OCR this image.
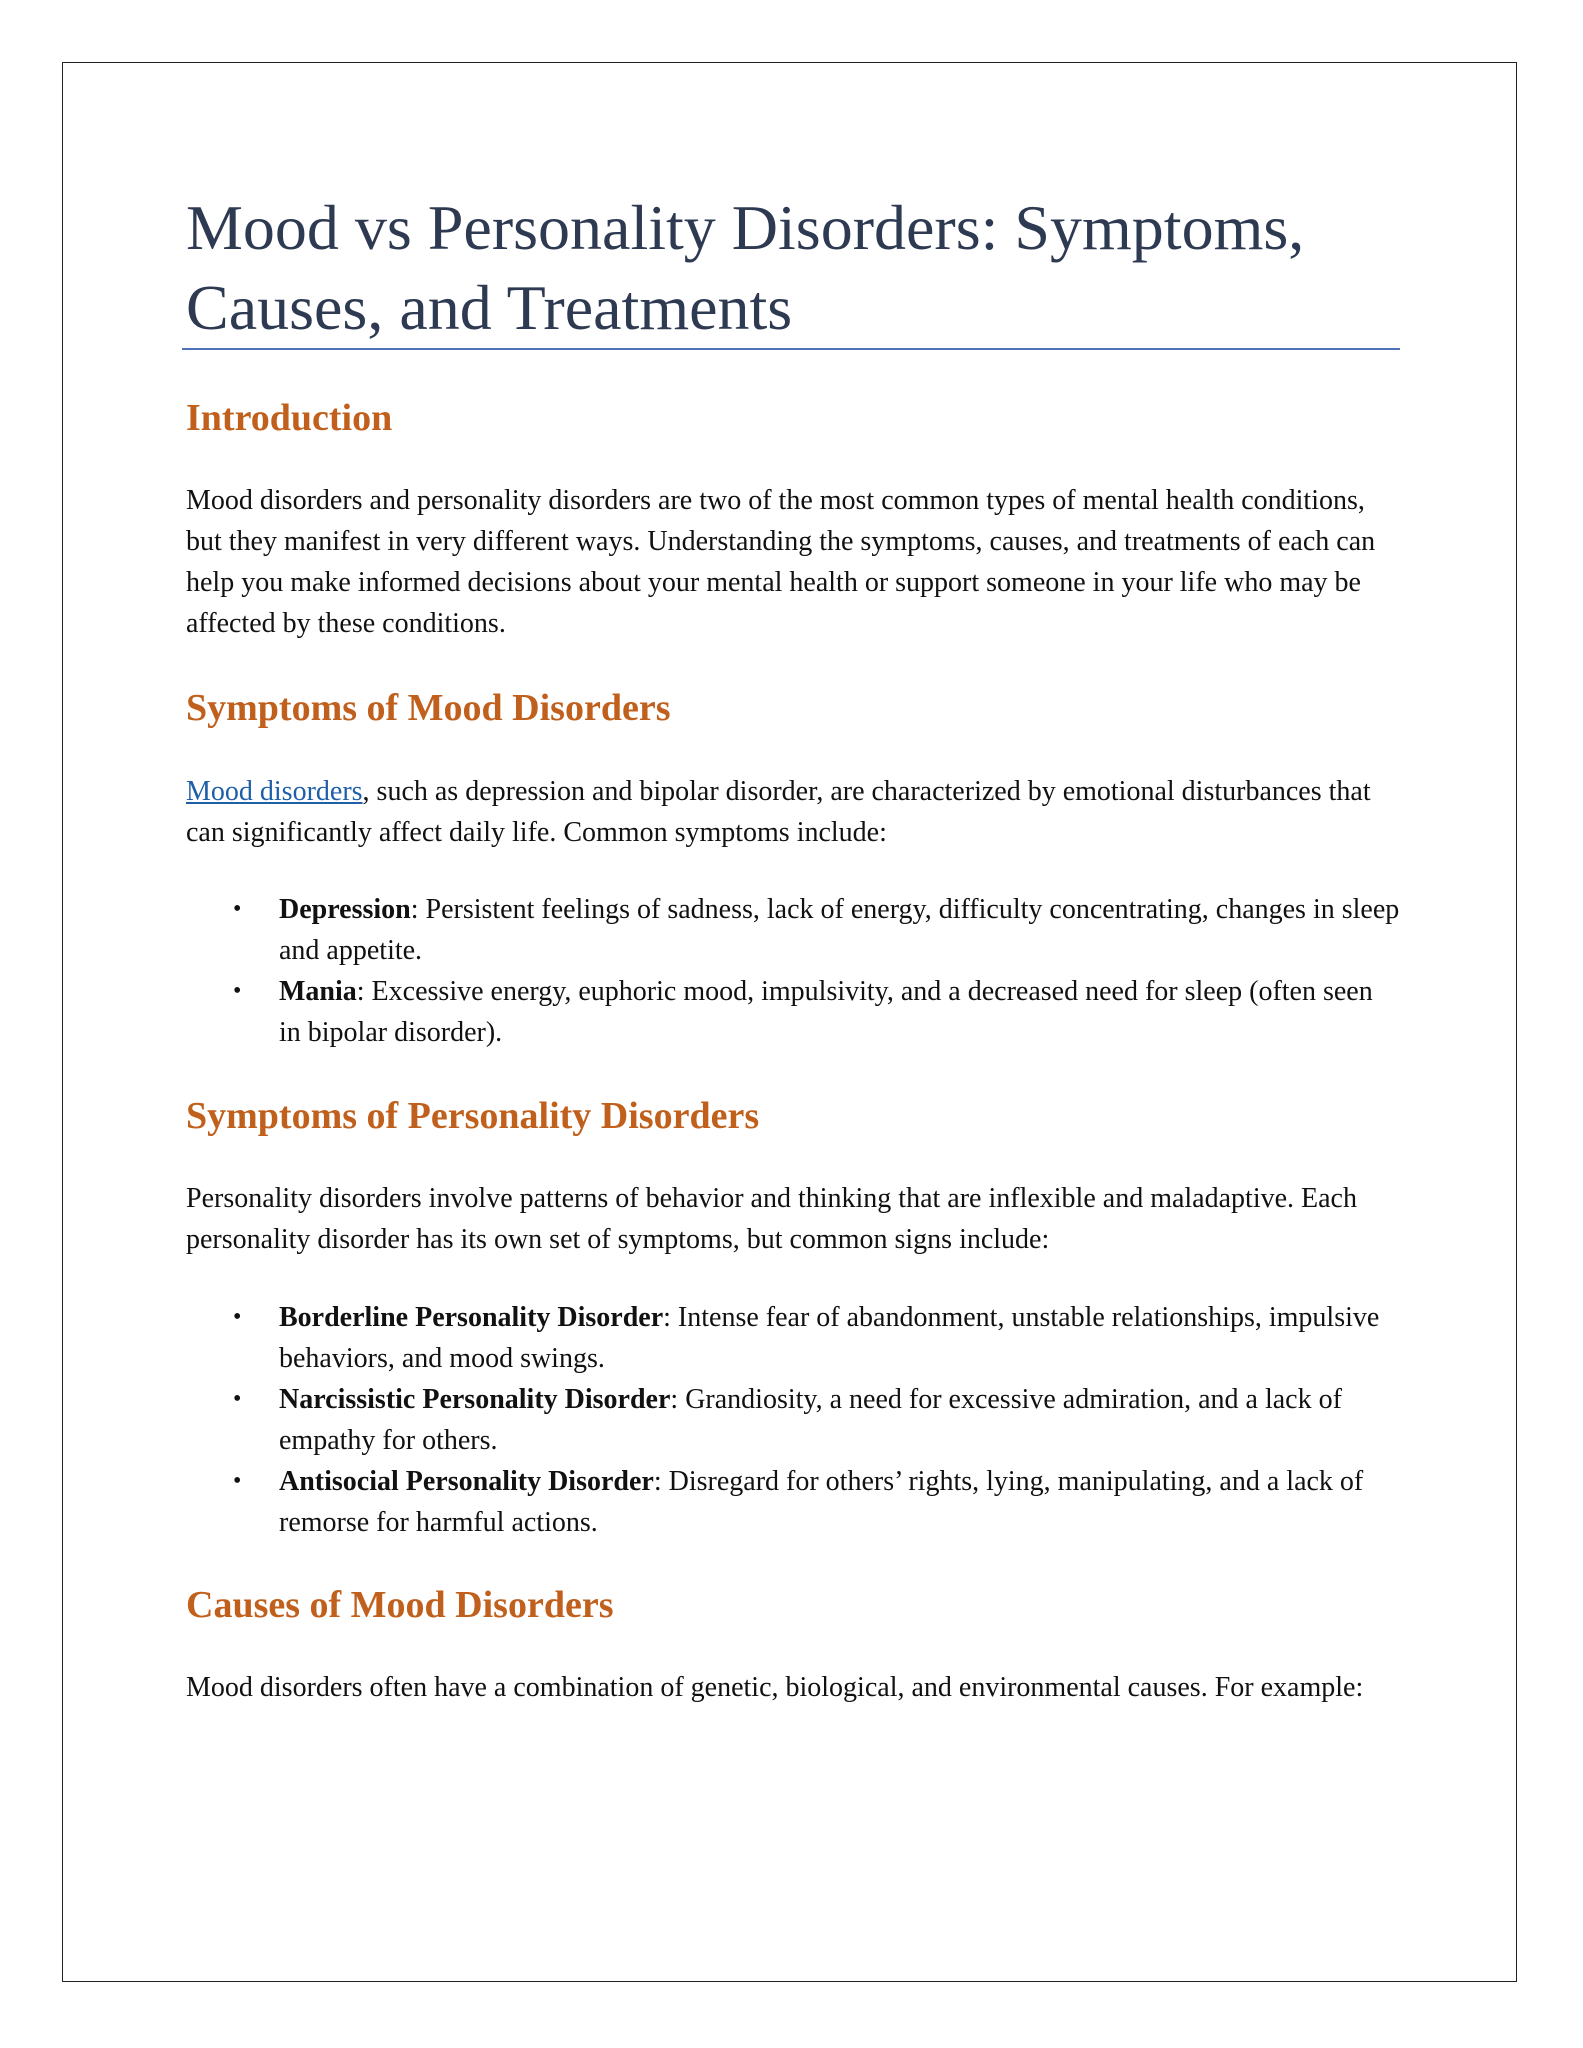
Mood vs Personality Disorders: Symptoms, Causes, and Treatments
Introduction

Mood disorders and personality disorders are two of the most common types of mental health conditions, but they manifest in very different ways. Understanding the symptoms, causes, and treatments of each can help you make informed decisions about your mental health or support someone in your life who may be affected by these conditions.

Symptoms of Mood Disorders

Mood disorders, such as depression and bipolar disorder, are characterized by emotional disturbances that can significantly affect daily life. Common symptoms include:

• Depression: Persistent feelings of sadness, lack of energy, difficulty concentrating, changes in sleep and appetite.
• Mania: Excessive energy, euphoric mood, impulsivity, and a decreased need for sleep (often seen in bipolar disorder).
Symptoms of Personality Disorders

Personality disorders involve patterns of behavior and thinking that are inflexible and maladaptive. Each personality disorder has its own set of symptoms, but common signs include:

• Borderline Personality Disorder: Intense fear of abandonment, unstable relationships, impulsive behaviors, and mood swings.
• Narcissistic Personality Disorder: Grandiosity, a need for excessive admiration, and a lack of empathy for others.
• Antisocial Personality Disorder: Disregard for others’ rights, lying, manipulating, and a lack of remorse for harmful actions.
Causes of Mood Disorders

Mood disorders often have a combination of genetic, biological, and environmental causes. For example:
